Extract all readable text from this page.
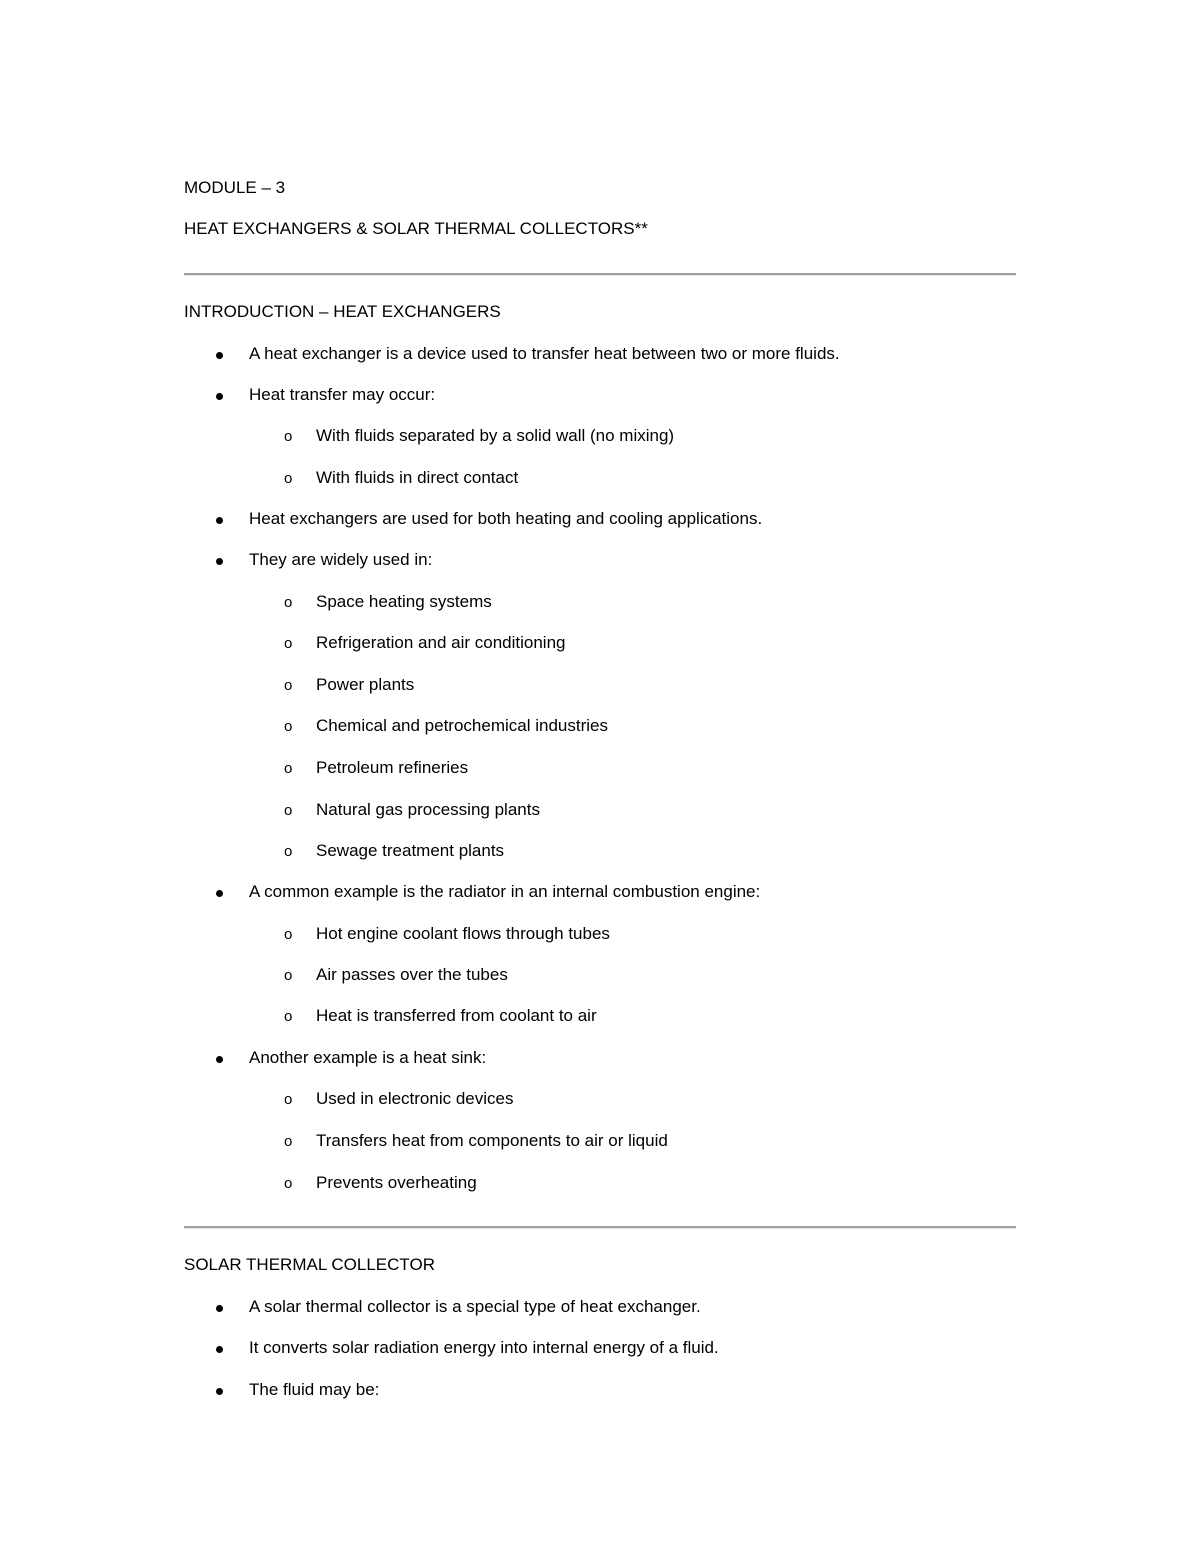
MODULE – 3
HEAT EXCHANGERS & SOLAR THERMAL COLLECTORS**
INTRODUCTION – HEAT EXCHANGERS
A heat exchanger is a device used to transfer heat between two or more fluids.
Heat transfer may occur:
o With fluids separated by a solid wall (no mixing)
o With fluids in direct contact
Heat exchangers are used for both heating and cooling applications.
They are widely used in:
o Space heating systems
o Refrigeration and air conditioning
o Power plants
o Chemical and petrochemical industries
o Petroleum refineries
o Natural gas processing plants
o Sewage treatment plants
A common example is the radiator in an internal combustion engine:
o Hot engine coolant flows through tubes
o Air passes over the tubes
o Heat is transferred from coolant to air
Another example is a heat sink:
o Used in electronic devices
o Transfers heat from components to air or liquid
o Prevents overheating
SOLAR THERMAL COLLECTOR
A solar thermal collector is a special type of heat exchanger.
It converts solar radiation energy into internal energy of a fluid.
The fluid may be:
